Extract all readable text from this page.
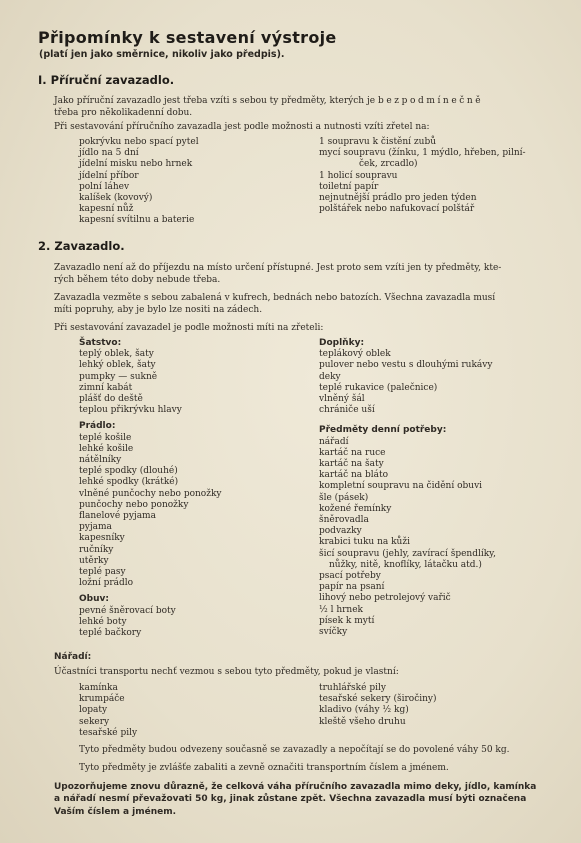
Připomínky k sestavení výstroje
(platí jen jako směrnice, nikoliv jako předpis).
I. Příruční zavazadlo.
Jako příruční zavazadlo jest třeba vzíti s sebou ty předměty, kterých je bezpodmínečně
třeba pro několikadenní dobu.
Při sestavování příručního zavazadla jest podle možnosti a nutnosti vzíti zřetel na:
pokrývku nebo spací pytel
jídlo na 5 dní
jídelní misku nebo hrnek
jídelní příbor
polní láhev
kalíšek (kovový)
kapesní nůž
kapesní svítilnu a baterie
1 soupravu k čistění zubů
mycí soupravu (žínku, 1 mýdlo, hřeben, pilní-
ček, zrcadlo)
1 holicí soupravu
toiletní papír
nejnutnější prádlo pro jeden týden
polštářek nebo nafukovací polštář
2. Zavazadlo.
Zavazadlo není až do příjezdu na místo určení přístupné. Jest proto sem vzíti jen ty předměty, kte-
rých během této doby nebude třeba.
Zavazadla vezměte s sebou zabalená v kufrech, bednách nebo batozích. Všechna zavazadla musí
míti popruhy, aby je bylo lze nositi na zádech.
Při sestavování zavazadel je podle možnosti míti na zřeteli:
Šatstvo:
teplý oblek, šaty
lehký oblek, šaty
pumpky — sukně
zimní kabát
plášť do deště
teplou přikrývku hlavy
Prádlo:
teplé košile
lehké košile
nátělníky
teplé spodky (dlouhé)
lehké spodky (krátké)
vlněné punčochy nebo ponožky
punčochy nebo ponožky
flanelové pyjama
pyjama
kapesníky
ručníky
utěrky
teplé pasy
ložní prádlo
Obuv:
pevné šněrovací boty
lehké boty
teplé bačkory
Doplňky:
teplákový oblek
pulover nebo vestu s dlouhými rukávy
deky
teplé rukavice (palečnice)
vlněný šál
chrániče uší
Předměty denní potřeby:
nářadí
kartáč na ruce
kartáč na šaty
kartáč na bláto
kompletní soupravu na čidění obuvi
šle (pásek)
kožené řemínky
šněrovadla
podvazky
krabici tuku na kůži
šicí soupravu (jehly, zavírací špendlíky,
nůžky, nitě, knoflíky, látačku atd.)
psací potřeby
papír na psaní
lihový nebo petrolejový vařič
½ l hrnek
písek k mytí
svíčky
Nářadí:
Účastníci transportu nechť vezmou s sebou tyto předměty, pokud je vlastní:
kamínka
krumpáče
lopaty
sekery
tesařské pily
truhlářské pily
tesařské sekery (širočiny)
kladivo (váhy ½ kg)
kleště všeho druhu
Tyto předměty budou odvezeny současně se zavazadly a nepočítají se do povolené váhy 50 kg.
Tyto předměty je zvlášťe zabaliti a zevně označiti transportním číslem a jménem.
Upozorňujeme znovu důrazně, že celková váha příručního zavazadla mimo deky, jídlo, kamínka
a nářadí nesmí převažovati 50 kg, jinak zůstane zpět. Všechna zavazadla musí býti označena
Vaším číslem a jménem.
